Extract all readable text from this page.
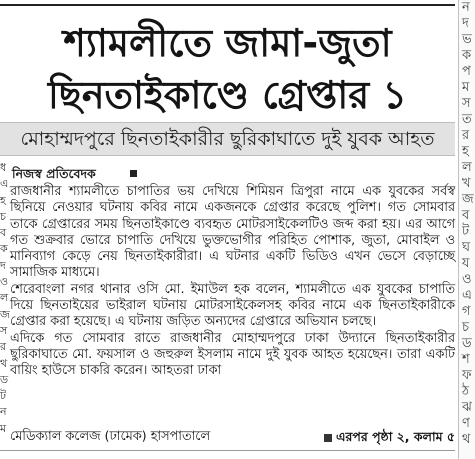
শ্যামলীতে জামা-জুতা
ছিনতাইকাণ্ডে গ্রেপ্তার ১
মোহাম্মদপুরে ছিনতাইকারীর ছুরিকাঘাতে দুই যুবক আহত
নিজস্ব প্রতিবেদক

রাজধানীর শ্যামলীতে চাপাতির ভয় দেখিয়ে শিমিয়ন ত্রিপুরা নামে এক যুবকের সর্বস্ব ছিনিয়ে নেওয়ার ঘটনায় কবির নামে একজনকে গ্রেপ্তার করেছে পুলিশ। গত সোমবার তাকে গ্রেপ্তারের সময় ছিনতাইকাণ্ডে ব্যবহৃত মোটরসাইকেলটিও জব্দ করা হয়। এর আগে গত শুক্রবার ভোরে চাপাতি দেখিয়ে ভুক্তভোগীর পরিহিত পোশাক, জুতা, মোবাইল ও মানিব্যাগ কেড়ে নেয় ছিনতাইকারীরা। এ ঘটনার একটি ভিডিও এখন ভেসে বেড়াচ্ছে সামাজিক মাধ্যমে।

শেরেবাংলা নগর থানার ওসি মো. ইমাউল হক বলেন, শ্যামলীতে এক যুবকের চাপাতি দিয়ে ছিনতাইয়ের ভাইরাল ঘটনায় মোটরসাইকেলসহ কবির নামে এক ছিনতাইকারীকে গ্রেপ্তার করা হয়েছে। এ ঘটনায় জড়িত অন্যদের গ্রেপ্তারে অভিযান চলছে।

এদিকে গত সোমবার রাতে রাজধানীর মোহাম্মদপুরে ঢাকা উদ্যানে ছিনতাইকারীর ছুরিকাঘাতে মো. ফয়সাল ও জহুরুল ইসলাম নামে দুই যুবক আহত হয়েছেন। তারা একটি বায়িং হাউসে চাকরি করেন। আহতরা ঢাকা

মেডিক্যাল কলেজ (ঢামেক) হাসপাতালে	এরপর পৃষ্ঠা ২, কলাম ৫
ধ
এ
হ
চ
ব
ক
দ
ও
ল
জ
স
র
থ
ড
ট
ন
ম
ন
দ
ভ
ক
প
ম
স
ত
র
হ
ল
খ
জ
ব
ট
ঘ
য
ও
এ
গ
চ
ড
শ
ফ
ঠ
ঝ
ণ
থ
